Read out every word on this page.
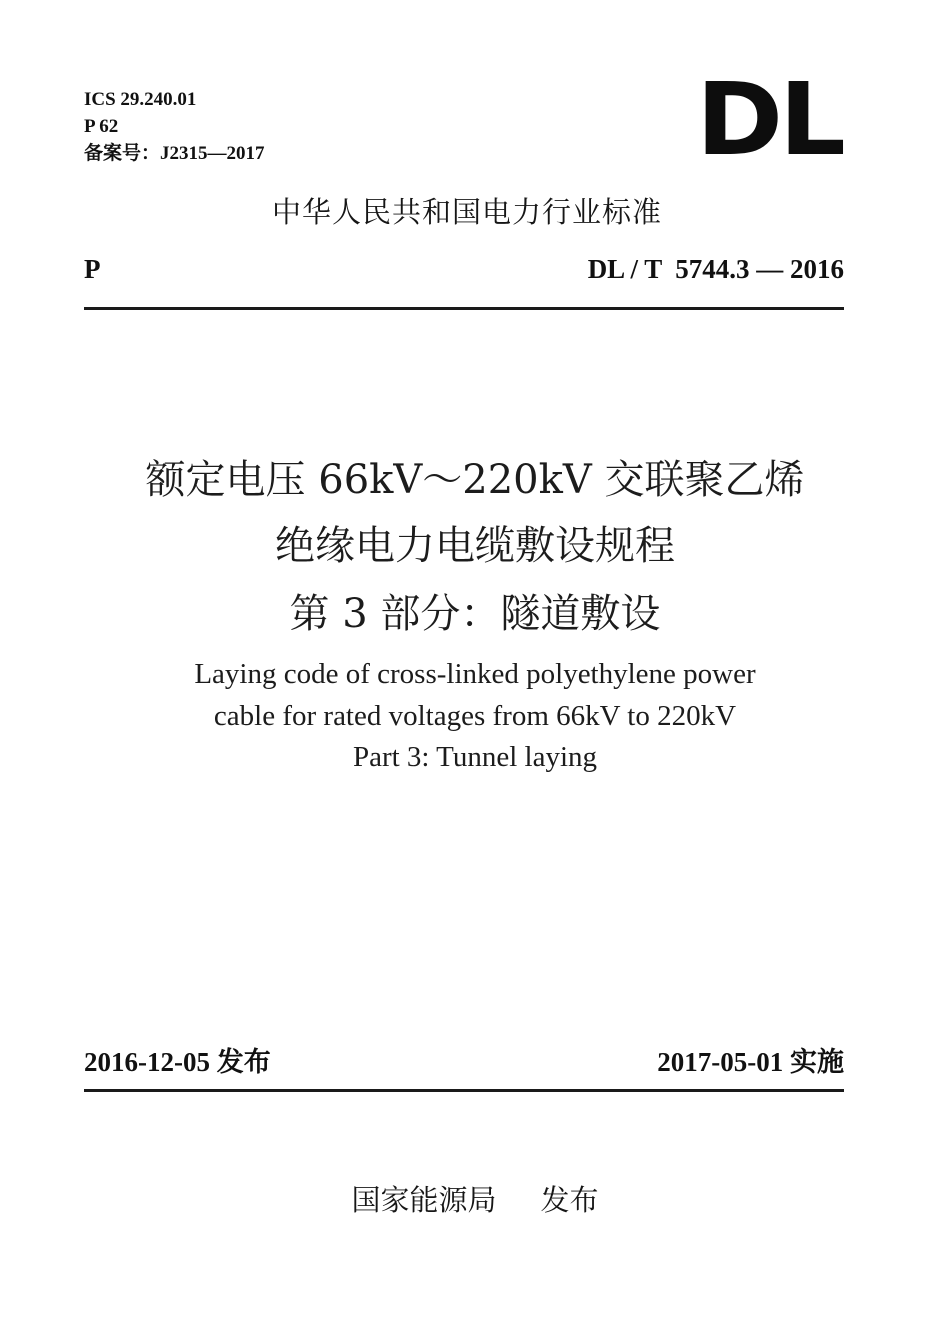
ICS 29.240.01
P 62
备案号：J2315—2017	DL
中华人民共和国电力行业标准
P	DL / T  5744.3 — 2016
额定电压 66kV～220kV 交联聚乙烯
绝缘电力电缆敷设规程
第 3 部分：隧道敷设
Laying code of cross-linked polyethylene power
cable for rated voltages from 66kV to 220kV
Part 3: Tunnel laying
2016-12-05 发布	2017-05-01 实施
国家能源局 发布
